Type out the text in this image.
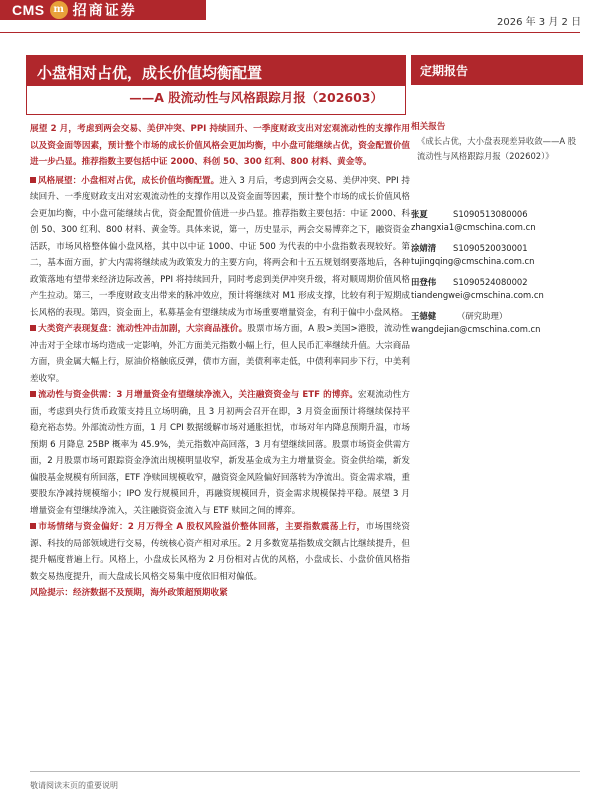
CMS m 招商证券
2026 年 3 月 2 日
小盘相对占优，成长价值均衡配置
——A 股流动性与风格跟踪月报（202603）
定期报告

展望 2 月，考虑到两会交易、美伊冲突、PPI 持续回升、一季度财政支出对宏观流动性的支撑作用以及资金面等因素，预计整个市场的成长价值风格会更加均衡，中小盘可能继续占优，资金配置价值进一步凸显。推荐指数主要包括中证 2000、科创 50、300 红利、800 材料、黄金等。

风格展望：小盘相对占优，成长价值均衡配置。进入 3 月后，考虑到两会交易、美伊冲突、PPI 持续回升、一季度财政支出对宏观流动性的支撑作用以及资金面等因素，预计整个市场的成长价值风格会更加均衡，中小盘可能继续占优，资金配置价值进一步凸显。推荐指数主要包括：中证 2000、科创 50、300 红利、800 材料、黄金等。具体来说，第一，历史显示，两会交易博弈之下，融资资金活跃，市场风格整体偏小盘风格，其中以中证 1000、中证 500 为代表的中小盘指数表现较好。第二，基本面方面，扩大内需将继续成为政策发力的主要方向，将两会和十五五规划纲要落地后，各种政策落地有望带来经济边际改善，PPI 将持续回升，同时考虑到美伊冲突升级，将对顺周期价值风格产生拉动。第三，一季度财政支出带来的脉冲效应，预计将继续对 M1 形成支撑，比较有利于短期成长风格的表现。第四，资金面上，私募基金有望继续成为市场重要增量资金，有利于偏中小盘风格。

大类资产表现复盘：流动性冲击加剧，大宗商品涨价。股票市场方面，A 股>美国>港股，流动性冲击对于全球市场均造成一定影响，外汇方面美元指数小幅上行，但人民币汇率继续升值。大宗商品方面，贵金属大幅上行，原油价格触底反弹，债市方面，美债利率走低，中债利率同步下行，中美利差收窄。

流动性与资金供需：3 月增量资金有望继续净流入，关注融资资金与 ETF 的博弈。宏观流动性方面，考虑到央行货币政策支持且立场明确，且 3 月初两会召开在即，3 月资金面预计将继续保持平稳充裕态势。外部流动性方面，1 月 CPI 数据缓解市场对通胀担忧，市场对年内降息预期升温，市场预期 6 月降息 25BP 概率为 45.9%，美元指数冲高回落，3 月有望继续回落。股票市场资金供需方面，2 月股票市场可跟踪资金净流出规模明显收窄，新发基金成为主力增量资金。资金供给端，新发偏股基金规模有所回落，ETF 净赎回规模收窄，融资资金风险偏好回落转为净流出。资金需求端，重要股东净减持规模缩小；IPO 发行规模回升，再融资规模回升，资金需求规模保持平稳。展望 3 月增量资金有望继续净流入，关注融资资金流入与 ETF 赎回之间的博弈。

市场情绪与资金偏好：2 月万得全 A 股权风险溢价整体回落，主要指数震荡上行，市场围绕资源、科技的局部领域进行交易，传统核心资产相对承压。2 月多数宽基指数成交额占比继续提升，但提升幅度普遍上行。风格上，小盘成长风格为 2 月份相对占优的风格，小盘成长、小盘价值风格指数交易热度提升，而大盘成长风格交易集中度依旧相对偏低。

风险提示：经济数据不及预期，海外政策超预期收紧

相关报告
《成长占优，大小盘表现差异收敛——A 股流动性与风格跟踪月报（202602）》
张夏	S1090513080006
zhangxia1@cmschina.com.cn
涂婧清	S1090520030001
tujingqing@cmschina.com.cn
田登伟	S1090524080002
tiandengwei@cmschina.com.cn
王德健	（研究助理）
wangdejian@cmschina.com.cn
敬请阅读末页的重要说明
